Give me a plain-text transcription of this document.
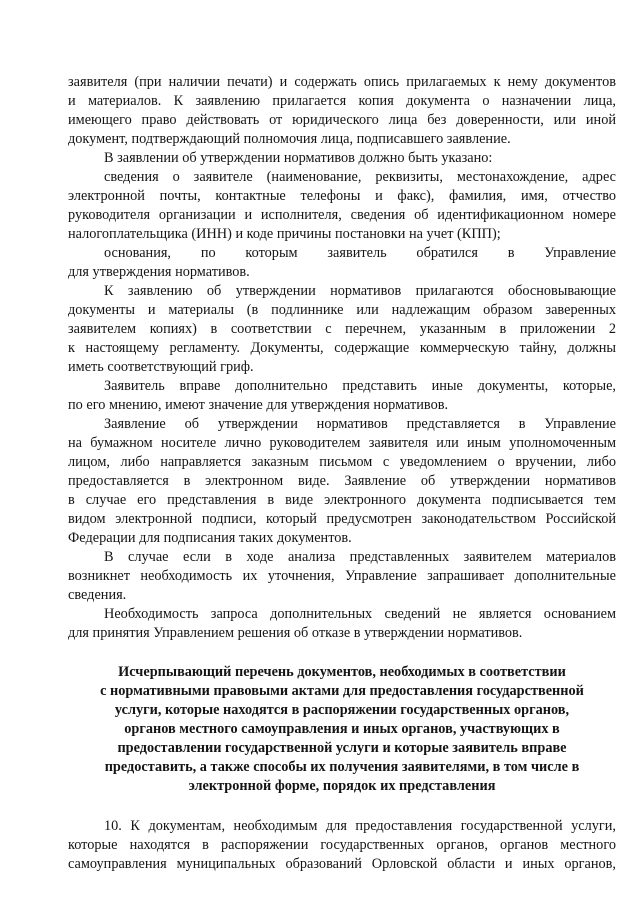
заявителя (при наличии печати) и содержать опись прилагаемых к нему документов
и материалов. К заявлению прилагается копия документа о назначении лица,
имеющего право действовать от юридического лица без доверенности, или иной
документ, подтверждающий полномочия лица, подписавшего заявление.
В заявлении об утверждении нормативов должно быть указано:
сведения о заявителе (наименование, реквизиты, местонахождение, адрес
электронной почты, контактные телефоны и факс), фамилия, имя, отчество
руководителя организации и исполнителя, сведения об идентификационном номере
налогоплательщика (ИНН) и коде причины постановки на учет (КПП);
основания, по которым заявитель обратился в Управление
для утверждения нормативов.
К заявлению об утверждении нормативов прилагаются обосновывающие
документы и материалы (в подлиннике или надлежащим образом заверенных
заявителем копиях) в соответствии с перечнем, указанным в приложении 2
к настоящему регламенту. Документы, содержащие коммерческую тайну, должны
иметь соответствующий гриф.
Заявитель вправе дополнительно представить иные документы, которые,
по его мнению, имеют значение для утверждения нормативов.
Заявление об утверждении нормативов представляется в Управление
на бумажном носителе лично руководителем заявителя или иным уполномоченным
лицом, либо направляется заказным письмом с уведомлением о вручении, либо
предоставляется в электронном виде. Заявление об утверждении нормативов
в случае его представления в виде электронного документа подписывается тем
видом электронной подписи, который предусмотрен законодательством Российской
Федерации для подписания таких документов.
В случае если в ходе анализа представленных заявителем материалов
возникнет необходимость их уточнения, Управление запрашивает дополнительные
сведения.
Необходимость запроса дополнительных сведений не является основанием
для принятия Управлением решения об отказе в утверждении нормативов.
Исчерпывающий перечень документов, необходимых в соответствии
с нормативными правовыми актами для предоставления государственной
услуги, которые находятся в распоряжении государственных органов,
органов местного самоуправления и иных органов, участвующих в
предоставлении государственной услуги и которые заявитель вправе
предоставить, а также способы их получения заявителями, в том числе в
электронной форме, порядок их представления
10. К документам, необходимым для предоставления государственной услуги,
которые находятся в распоряжении государственных органов, органов местного
самоуправления муниципальных образований Орловской области и иных органов,
